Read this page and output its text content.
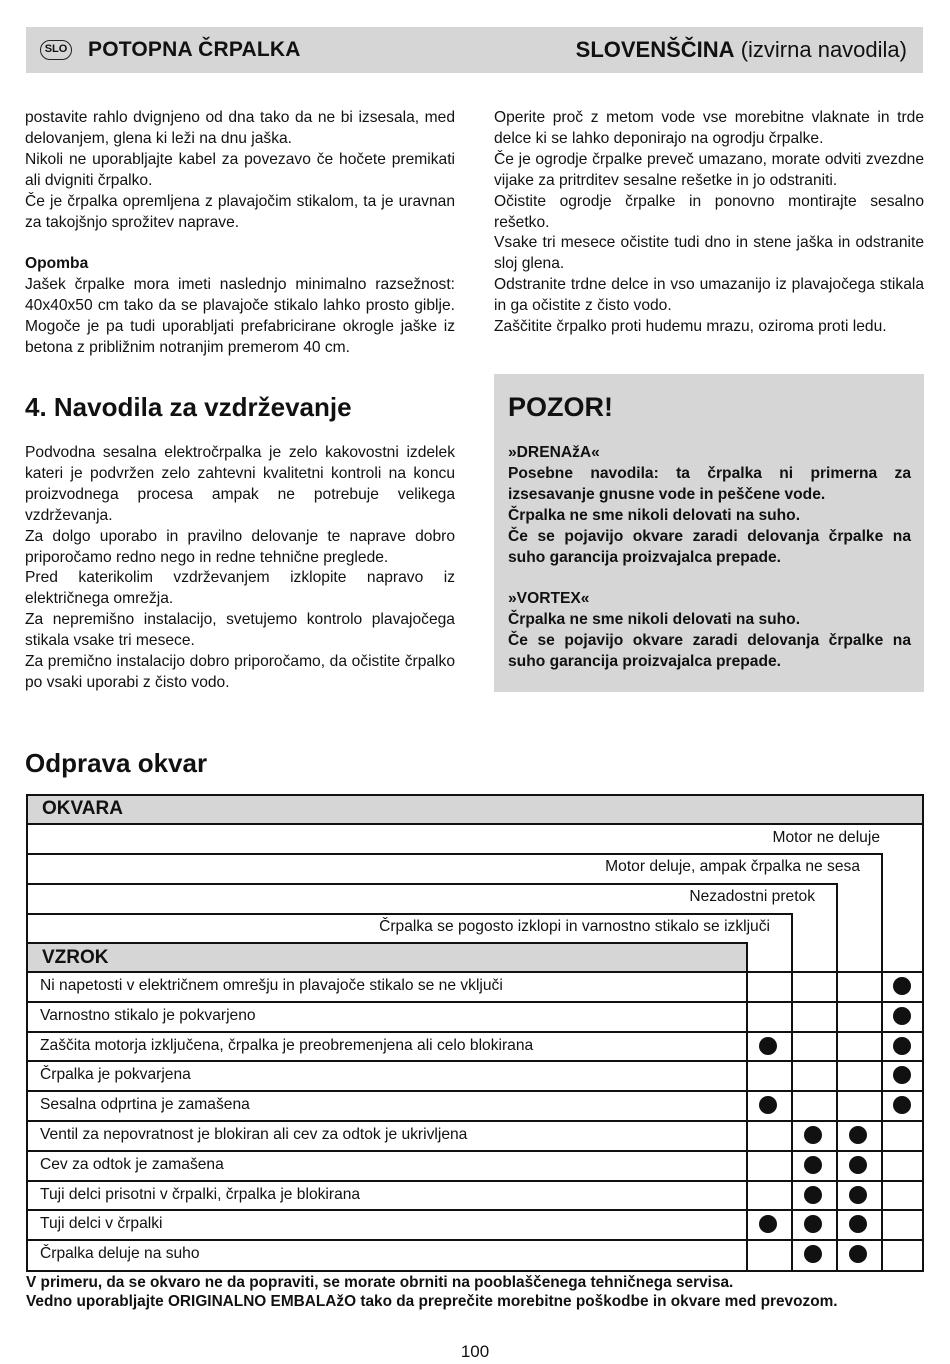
SLO POTOPNA ČRPALKA	SLOVENŠČINA (izvirna navodila)

postavite rahlo dvignjeno od dna tako da ne bi izsesala, med delovanjem, glena ki leži na dnu jaška.

Nikoli ne uporabljajte kabel za povezavo če hočete premikati ali dvigniti črpalko.

Če je črpalka opremljena z plavajočim stikalom, ta je uravnan za takojšnjo sprožitev naprave.

Opomba

Jašek črpalke mora imeti naslednjo minimalno razsežnost: 40x40x50 cm tako da se plavajoče stikalo lahko prosto giblje. Mogoče je pa tudi uporabljati prefabricirane okrogle jaške iz betona z približnim notranjim premerom 40 cm.

Operite proč z metom vode vse morebitne vlaknate in trde delce ki se lahko deponirajo na ogrodju črpalke.

Če je ogrodje črpalke preveč umazano, morate odviti zvezdne vijake za pritrditev sesalne rešetke in jo odstraniti.

Očistite ogrodje črpalke in ponovno montirajte sesalno rešetko.

Vsake tri mesece očistite tudi dno in stene jaška in odstranite sloj glena.

Odstranite trdne delce in vso umazanijo iz plavajočega stikala in ga očistite z čisto vodo.

Zaščitite črpalko proti hudemu mrazu, oziroma proti ledu.

4. Navodila za vzdrževanje

Podvodna sesalna elektročrpalka je zelo kakovostni izdelek kateri je podvržen zelo zahtevni kvalitetni kontroli na koncu proizvodnega procesa ampak ne potrebuje velikega vzdrževanja.

Za dolgo uporabo in pravilno delovanje te naprave dobro priporočamo redno nego in redne tehnične preglede.

Pred katerikolim vzdrževanjem izklopite napravo iz električnega omrežja.

Za nepremišno instalacijo, svetujemo kontrolo plavajočega stikala vsake tri mesece.

Za premično instalacijo dobro priporočamo, da očistite črpalko po vsaki uporabi z čisto vodo.

POZOR!

»DRENAžA«

Posebne navodila: ta črpalka ni primerna za izsesavanje gnusne vode in peščene vode.

Črpalka ne sme nikoli delovati na suho.

Če se pojavijo okvare zaradi delovanja črpalke na suho garancija proizvajalca prepade.

»VORTEX«

Črpalka ne sme nikoli delovati na suho.

Če se pojavijo okvare zaradi delovanja črpalke na suho garancija proizvajalca prepade.

Odprava okvar
OKVARA
VZROK
Motor ne deluje
Motor deluje, ampak črpalka ne sesa
Nezadostni pretok
Črpalka se pogosto izklopi in varnostno stikalo se izklјuči
Ni napetosti v električnem omrešju in plavajoče stikalo se ne vklјuči
Varnostno stikalo je pokvarjeno
Zaščita motorja izklјučena, črpalka je preobremenjena ali celo blokirana
Črpalka je pokvarjena
Sesalna odprtina je zamašena
Ventil za nepovratnost je blokiran ali cev za odtok je ukrivljena
Cev za odtok je zamašena
Tuji delci prisotni v črpalki, črpalka je blokirana
Tuji delci v črpalki
Črpalka deluje na suho
V primeru, da se okvaro ne da popraviti, se morate obrniti na pooblaščenega tehničnega servisa.
Vedno uporabljajte ORIGINALNO EMBALAžO tako da preprečite morebitne poškodbe in okvare med prevozom.
100
